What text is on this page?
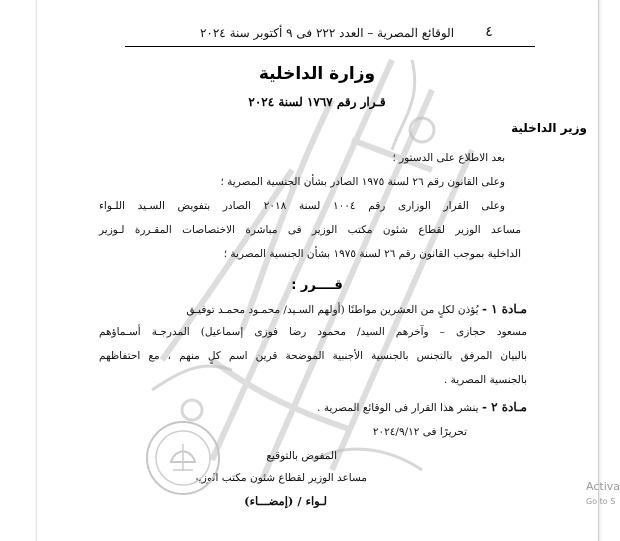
٤
الوقائع المصرية – العدد ٢٢٢ فى ٩ أكتوبر سنة ٢٠٢٤
وزارة الداخلية
قـرار رقم ١٧٦٧ لسنة ٢٠٢٤
وزير الداخلية
بعد الاطلاع على الدستور ؛
وعلى القانون رقم ٢٦ لسنة ١٩٧٥ الصادر بشأن الجنسية المصرية ؛
وعلى القرار الوزارى رقم ١٠٠٤ لسنة ٢٠١٨ الصادر بتفويض السـيد اللـواء
مساعد الوزير لقطاع شئون مكتب الوزير فى مباشرة الاختصاصات المقـررة لـوزير
الداخلية بموجب القانون رقم ٢٦ لسنة ١٩٧٥ بشأن الجنسية المصرية ؛
قــــرر :
مـادة ١ - يُؤذن لكلٍ من العشرين مواطنًا (أولهم السـيد/ محمـود محمـد توفيـق
مسعود حجازى – وآخرهم السيد/ محمود رضا فوزى إسماعيل) المدرجـة أسـماؤهم
بالبيان المرفق بالتجنس بالجنسية الأجنبية الموضحة قرين اسم كلٍ منهم ، مع احتفاظهم
بالجنسية المصرية .
مـادة ٢ - ينشر هذا القرار فى الوقائع المصرية .
تحريرًا فى ٢٠٢٤/٩/١٢
المفوض بالتوقيع
مساعد الوزير لقطاع شئون مكتب الوزير
لـواء / (إمضـــاء)
Activa
Go to S
